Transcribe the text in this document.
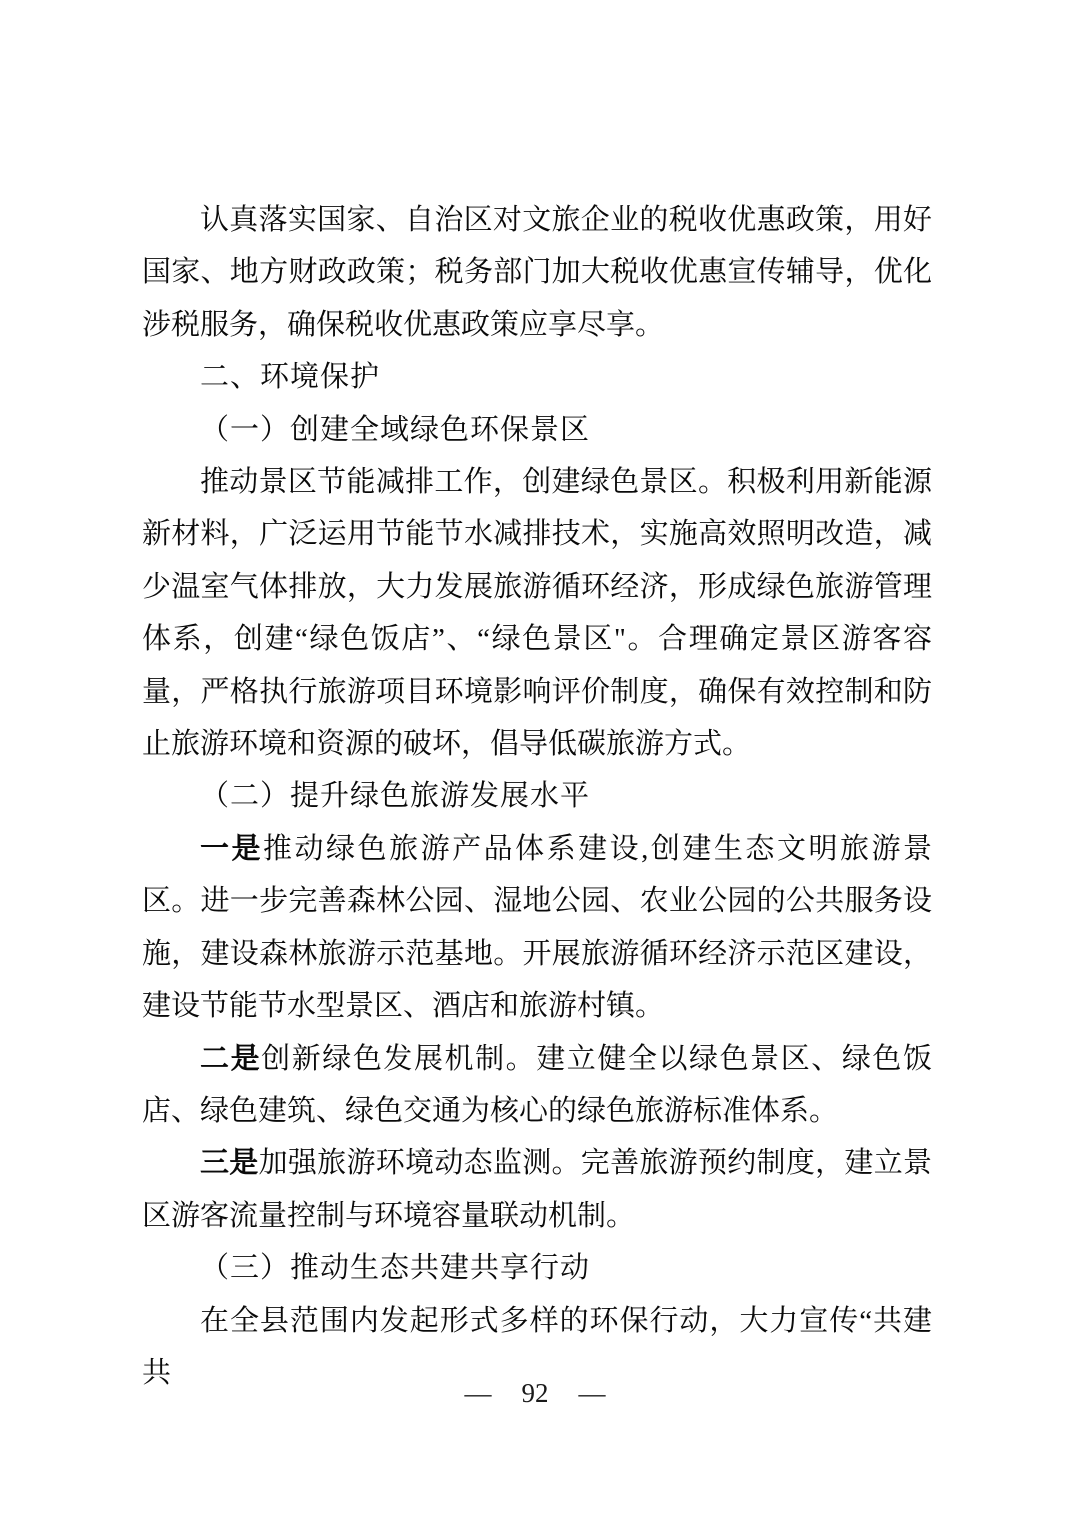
认真落实国家、自治区对文旅企业的税收优惠政策，用好国家、地方财政政策；税务部门加大税收优惠宣传辅导，优化涉税服务，确保税收优惠政策应享尽享。

二、环境保护
（一）创建全域绿色环保景区

推动景区节能减排工作，创建绿色景区。积极利用新能源新材料，广泛运用节能节水减排技术，实施高效照明改造，减少温室气体排放，大力发展旅游循环经济，形成绿色旅游管理体系，创建“绿色饭店”、“绿色景区"。合理确定景区游客容量，严格执行旅游项目环境影响评价制度，确保有效控制和防止旅游环境和资源的破坏，倡导低碳旅游方式。

（二）提升绿色旅游发展水平

一是推动绿色旅游产品体系建设,创建生态文明旅游景区。进一步完善森林公园、湿地公园、农业公园的公共服务设施，建设森林旅游示范基地。开展旅游循环经济示范区建设，建设节能节水型景区、酒店和旅游村镇。

二是创新绿色发展机制。建立健全以绿色景区、绿色饭店、绿色建筑、绿色交通为核心的绿色旅游标准体系。

三是加强旅游环境动态监测。完善旅游预约制度，建立景区游客流量控制与环境容量联动机制。

（三）推动生态共建共享行动

在全县范围内发起形式多样的环保行动，大力宣传“共建共

— 92 —
